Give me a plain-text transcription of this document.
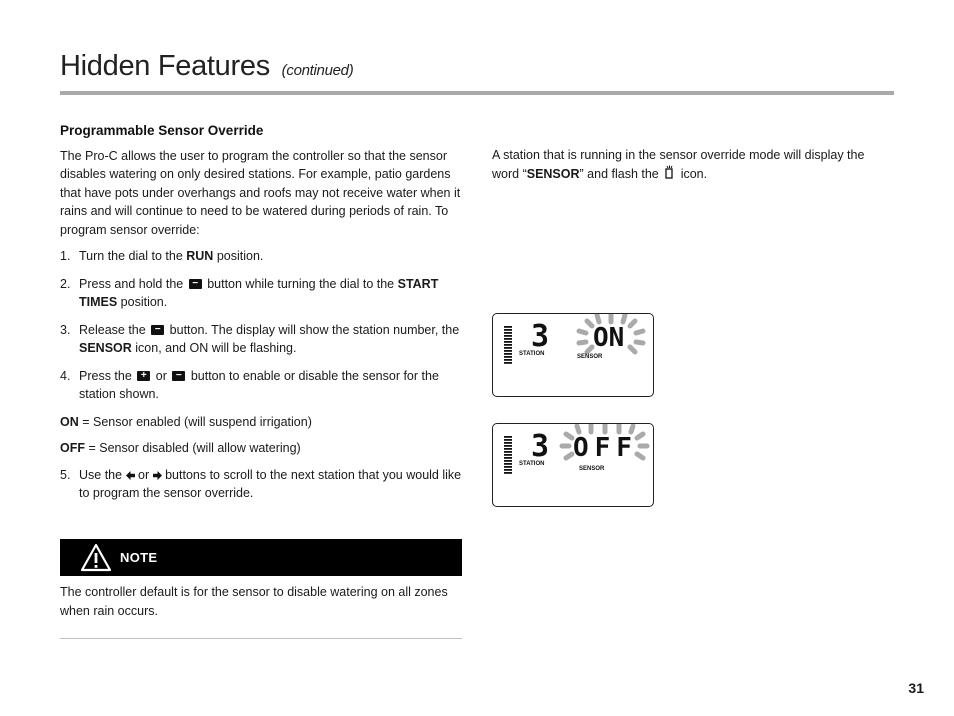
Hidden Features (continued)
Programmable Sensor Override

The Pro-C allows the user to program the controller so that the sensor disables watering on only desired stations. For example, patio gardens that have pots under overhangs and roofs may not receive water when it rains and will continue to need to be watered during periods of rain. To program sensor override:

1. Turn the dial to the RUN position.
2. Press and hold the − button while turning the dial to the START TIMES position.
3. Release the − button. The display will show the station number, the SENSOR icon, and ON will be flashing.
4. Press the + or − button to enable or disable the sensor for the station shown.

ON = Sensor enabled (will suspend irrigation)

OFF = Sensor disabled (will allow watering)

5. Use the  or  buttons to scroll to the next station that you would like to program the sensor override.
NOTE
The controller default is for the sensor to disable watering on all zones when rain occurs.
A station that is running in the sensor override mode will display the word “SENSOR” and flash the  icon.
3
STATION
ON
SENSOR
3
STATION
OFF
SENSOR
31
